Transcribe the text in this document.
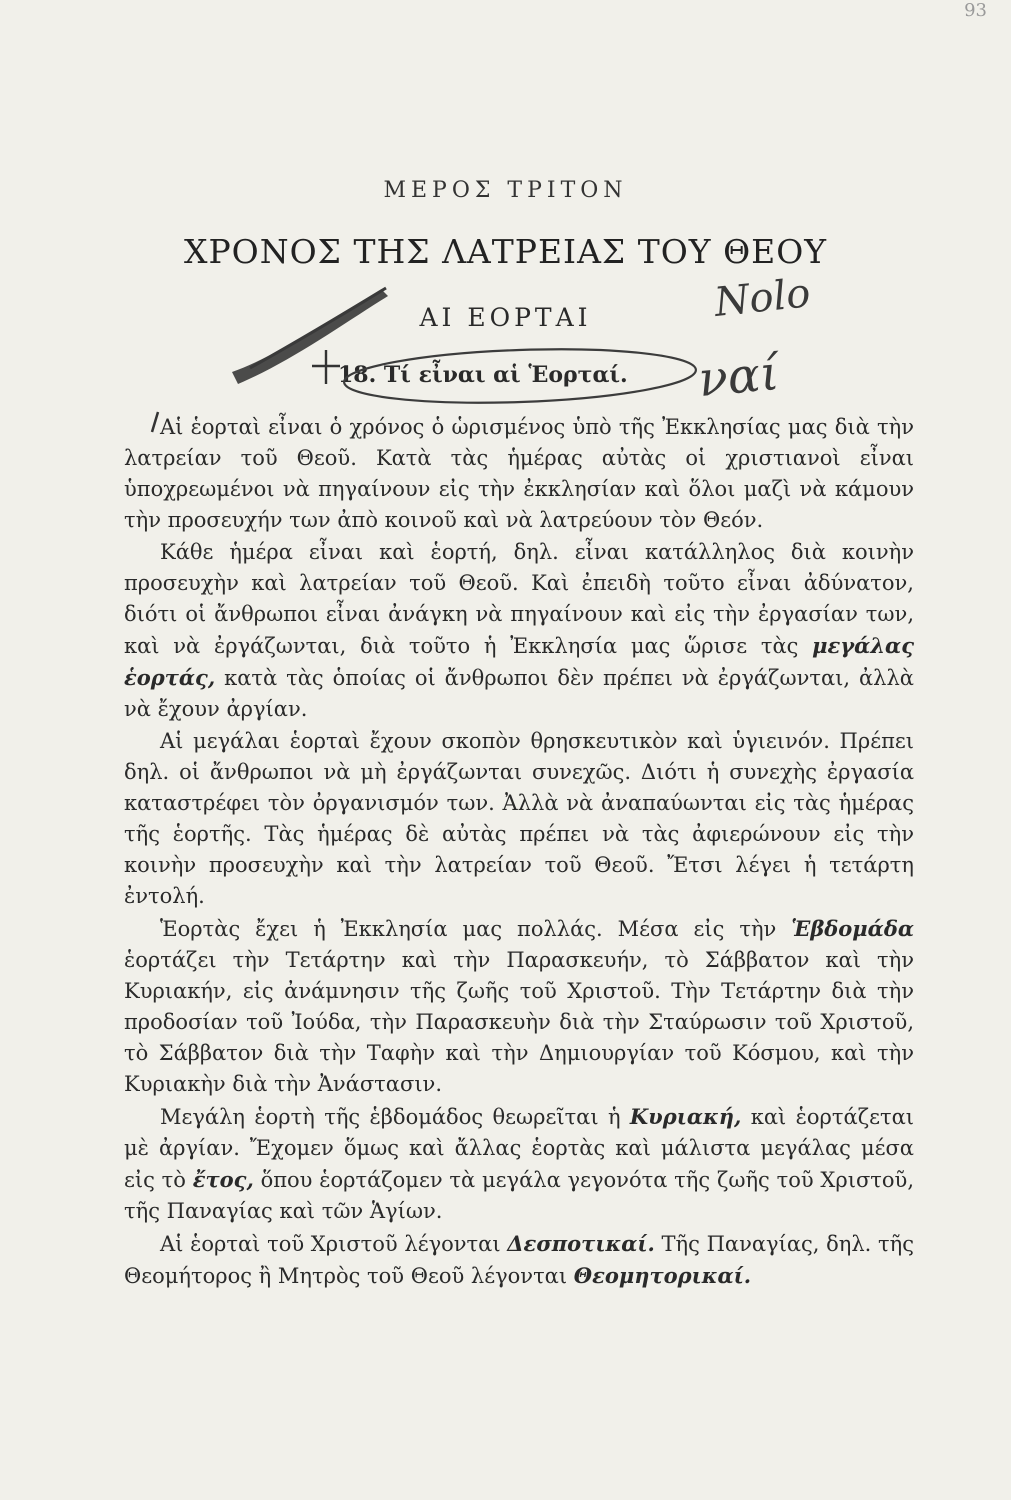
93
ΜΕΡΟΣ ΤΡΙΤΟΝ
ΧΡΟΝΟΣ ΤΗΣ ΛΑΤΡΕΙΑΣ ΤΟΥ ΘΕΟΥ
ΑΙ ΕΟΡΤΑΙ
18. Τί εἶναι αἱ Ἑορταί.
Νοlο
ναί

Αἱ ἑορταὶ εἶναι ὁ χρόνος ὁ ὡρισμένος ὑπὸ τῆς Ἐκκλησίας μας διὰ τὴν λατρείαν τοῦ Θεοῦ. Κατὰ τὰς ἡμέρας αὐτὰς οἱ χριστιανοὶ εἶναι ὑποχρεωμένοι νὰ πηγαίνουν εἰς τὴν ἐκκλησίαν καὶ ὅλοι μαζὶ νὰ κάμουν τὴν προσευχήν των ἀπὸ κοινοῦ καὶ νὰ λατρεύουν τὸν Θεόν.

Κάθε ἡμέρα εἶναι καὶ ἑορτή, δηλ. εἶναι κατάλληλος διὰ κοινὴν προσευχὴν καὶ λατρείαν τοῦ Θεοῦ. Καὶ ἐπειδὴ τοῦτο εἶναι ἀδύνατον, διότι οἱ ἄνθρωποι εἶναι ἀνάγκη νὰ πηγαίνουν καὶ εἰς τὴν ἐργασίαν των, καὶ νὰ ἐργάζωνται, διὰ τοῦτο ἡ Ἐκκλησία μας ὥρισε τὰς μεγάλας ἑορτάς, κατὰ τὰς ὁποίας οἱ ἄνθρωποι δὲν πρέπει νὰ ἐργάζωνται, ἀλλὰ νὰ ἔχουν ἀργίαν.

Αἱ μεγάλαι ἑορταὶ ἔχουν σκοπὸν θρησκευτικὸν καὶ ὑγιεινόν. Πρέπει δηλ. οἱ ἄνθρωποι νὰ μὴ ἐργάζωνται συνεχῶς. Διότι ἡ συνεχὴς ἐργασία καταστρέφει τὸν ὀργανισμόν των. Ἀλλὰ νὰ ἀναπαύωνται εἰς τὰς ἡμέρας τῆς ἑορτῆς. Τὰς ἡμέρας δὲ αὐτὰς πρέπει νὰ τὰς ἀφιερώνουν εἰς τὴν κοινὴν προσευχὴν καὶ τὴν λατρείαν τοῦ Θεοῦ. Ἔτσι λέγει ἡ τετάρτη ἐντολή.

Ἑορτὰς ἔχει ἡ Ἐκκλησία μας πολλάς. Μέσα εἰς τὴν Ἑβδομάδα ἑορτάζει τὴν Τετάρτην καὶ τὴν Παρασκευήν, τὸ Σάββατον καὶ τὴν Κυριακήν, εἰς ἀνάμνησιν τῆς ζωῆς τοῦ Χριστοῦ. Τὴν Τετάρτην διὰ τὴν προδοσίαν τοῦ Ἰούδα, τὴν Παρασκευὴν διὰ τὴν Σταύρωσιν τοῦ Χριστοῦ, τὸ Σάββατον διὰ τὴν Ταφὴν καὶ τὴν Δημιουργίαν τοῦ Κόσμου, καὶ τὴν Κυριακὴν διὰ τὴν Ἀνάστασιν.

Μεγάλη ἑορτὴ τῆς ἑβδομάδος θεωρεῖται ἡ Κυριακή, καὶ ἑορτάζεται μὲ ἀργίαν. Ἔχομεν ὅμως καὶ ἄλλας ἑορτὰς καὶ μάλιστα μεγάλας μέσα εἰς τὸ ἔτος, ὅπου ἑορτάζομεν τὰ μεγάλα γεγονότα τῆς ζωῆς τοῦ Χριστοῦ, τῆς Παναγίας καὶ τῶν Ἁγίων.

Αἱ ἑορταὶ τοῦ Χριστοῦ λέγονται Δεσποτικαί. Τῆς Παναγίας, δηλ. τῆς Θεομήτορος ἢ Μητρὸς τοῦ Θεοῦ λέγονται Θεομητορικαί.
